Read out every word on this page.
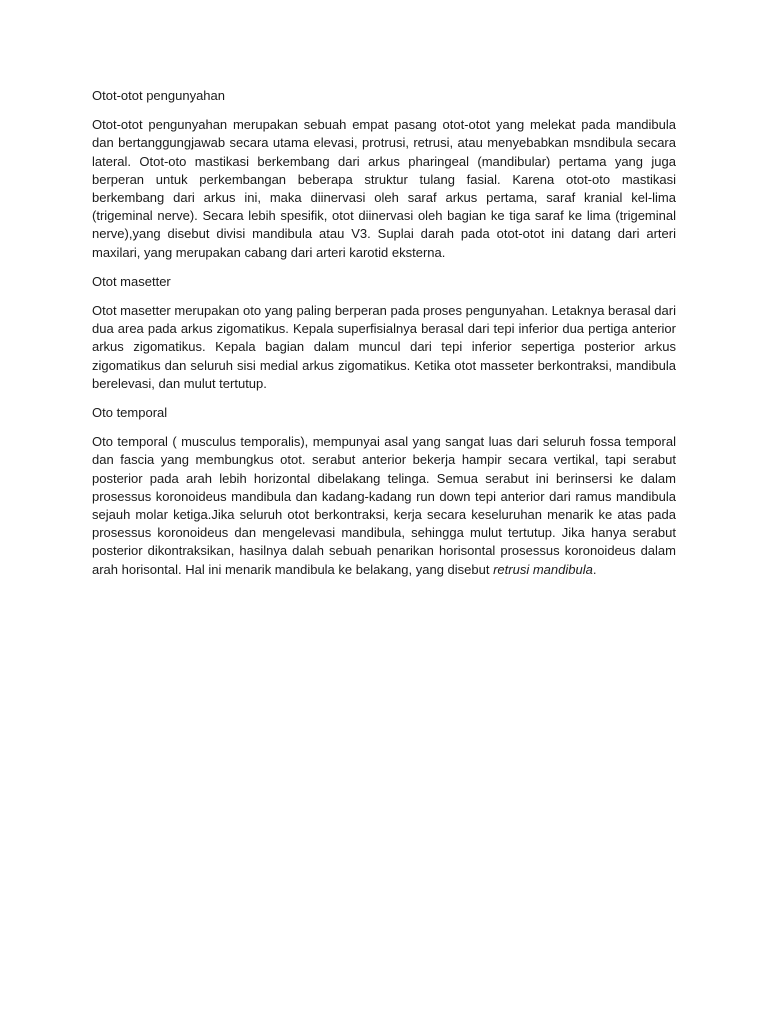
Otot-otot pengunyahan

Otot-otot pengunyahan merupakan sebuah empat pasang otot-otot yang melekat pada mandibula dan bertanggungjawab secara utama elevasi, protrusi, retrusi, atau menyebabkan msndibula secara lateral. Otot-oto mastikasi berkembang dari arkus pharingeal (mandibular) pertama yang juga berperan untuk perkembangan beberapa struktur tulang fasial. Karena otot-oto mastikasi berkembang dari arkus ini, maka diinervasi oleh saraf arkus pertama, saraf kranial kel-lima (trigeminal nerve). Secara lebih spesifik, otot diinervasi oleh bagian ke tiga saraf ke lima (trigeminal nerve),yang disebut divisi mandibula atau V3. Suplai darah pada otot-otot ini datang dari arteri maxilari, yang merupakan cabang dari arteri karotid eksterna.

Otot masetter

Otot masetter merupakan oto yang paling berperan pada proses pengunyahan. Letaknya berasal dari dua area pada arkus zigomatikus. Kepala superfisialnya berasal dari tepi inferior dua pertiga anterior arkus zigomatikus. Kepala bagian dalam muncul dari tepi inferior sepertiga posterior arkus zigomatikus dan seluruh sisi medial arkus zigomatikus. Ketika otot masseter berkontraksi, mandibula berelevasi, dan mulut tertutup.

Oto temporal

Oto temporal ( musculus temporalis), mempunyai asal yang sangat luas dari seluruh fossa temporal dan fascia yang membungkus otot. serabut anterior bekerja hampir secara vertikal, tapi serabut posterior pada arah lebih horizontal dibelakang telinga. Semua serabut ini berinsersi ke dalam prosessus koronoideus mandibula dan kadang-kadang run down tepi anterior dari ramus mandibula sejauh molar ketiga.Jika seluruh otot berkontraksi, kerja secara keseluruhan menarik ke atas pada prosessus koronoideus dan mengelevasi mandibula, sehingga mulut tertutup. Jika hanya serabut posterior dikontraksikan, hasilnya dalah sebuah penarikan horisontal prosessus koronoideus dalam arah horisontal. Hal ini menarik mandibula ke belakang, yang disebut retrusi mandibula.
